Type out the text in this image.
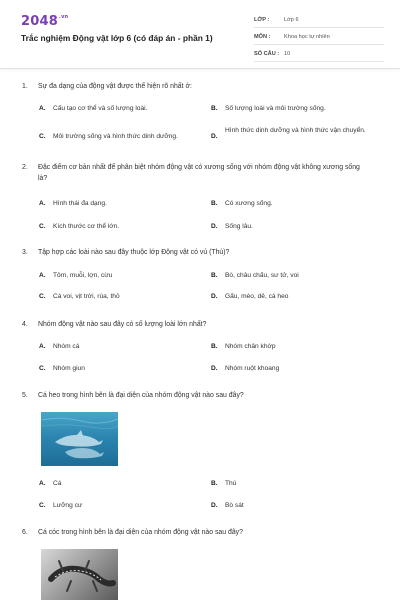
$2048^{.vn}$
Trắc nghiệm Động vật lớp 6 (có đáp án - phần 1)
LỚP :	Lớp 6
MÔN :	Khoa học tự nhiên
SỐ CÂU : 10
1. Sự đa dạng của động vật được thể hiện rõ nhất ở:
A. Cấu tạo cơ thể và số lượng loài.	B. Số lượng loài và môi trường sống.
C. Môi trường sống và hình thức dinh dưỡng.	D.
Hình thức dinh dưỡng và hình thức vận chuyển.
2. Đặc điểm cơ bản nhất để phân biệt nhóm động vật có xương sống với nhóm động vật không xương sống là?
A. Hình thái đa dạng.	B. Có xương sống.
C. Kích thước cơ thể lớn.	D. Sống lâu.
3. Tập hợp các loài nào sau đây thuộc lớp Động vật có vú (Thú)?
A. Tôm, muỗi, lợn, cừu	B. Bò, châu chấu, sư tử, voi
C. Cá voi, vịt trời, rùa, thỏ	D. Gấu, mèo, dê, cá heo
4. Nhóm động vật nào sau đây có số lượng loài lớn nhất?
A. Nhóm cá	B. Nhóm chân khớp
C. Nhóm giun	D. Nhóm ruột khoang
5. Cá heo trong hình bên là đại diện của nhóm động vật nào sau đây?
A. Cá	B. Thú
C. Lưỡng cư	D. Bò sát
6. Cá cóc trong hình bên là đại diện của nhóm động vật nào sau đây?
